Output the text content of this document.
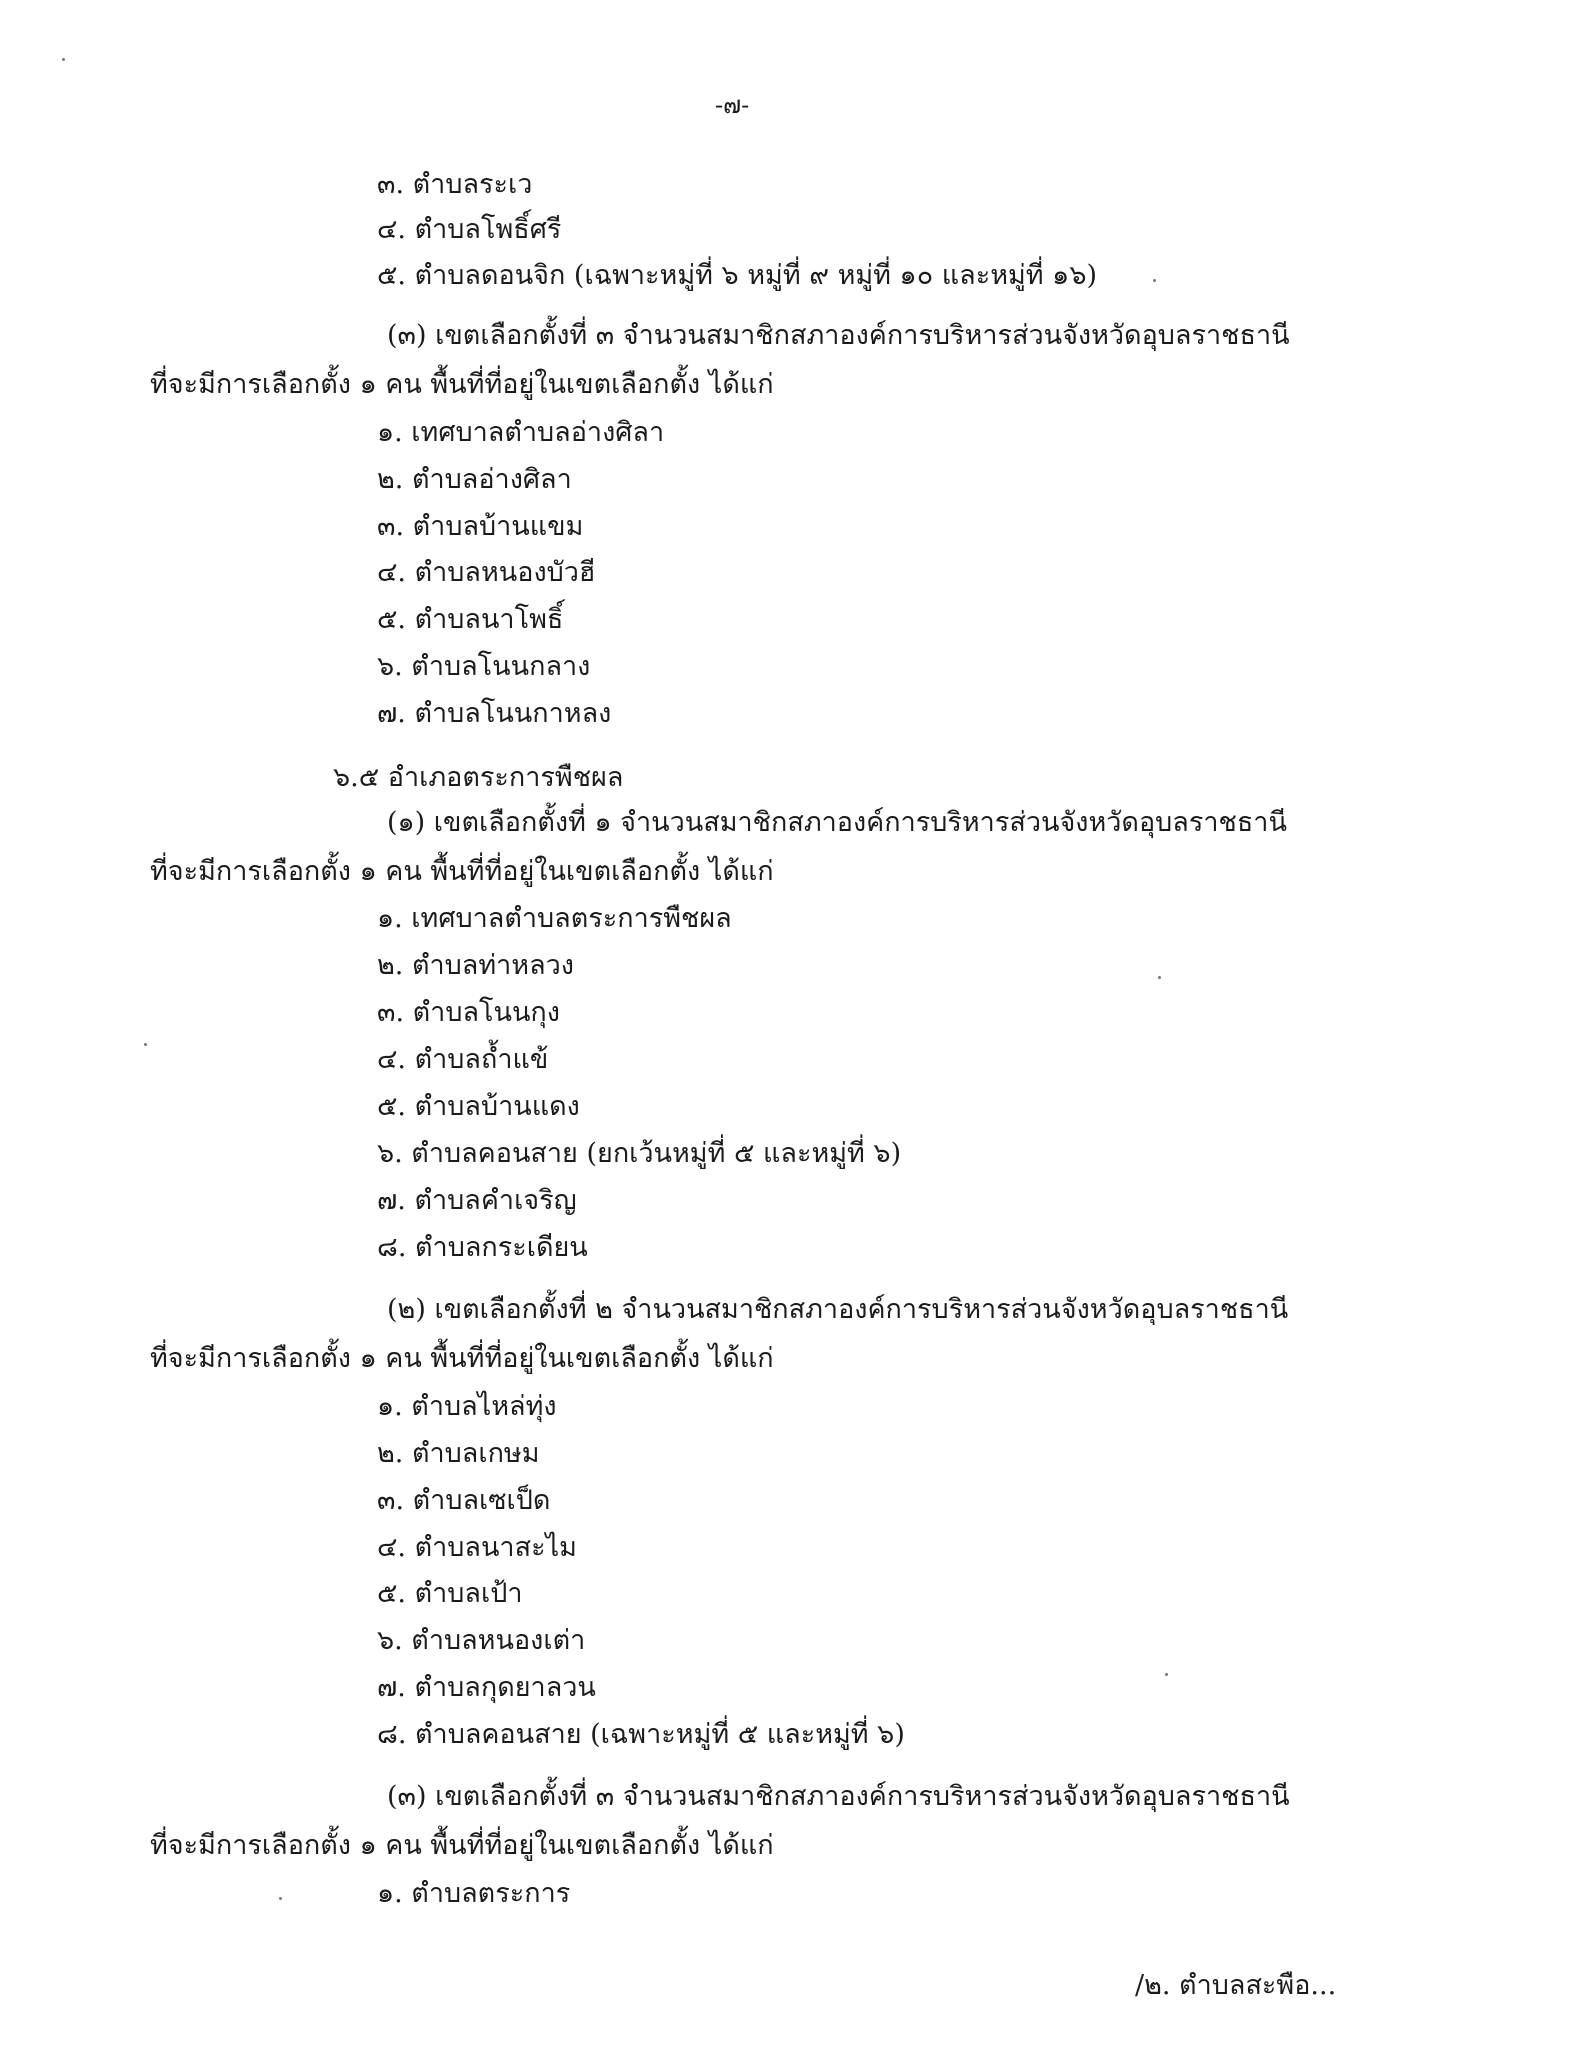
-๗-
๓. ตำบลระเว
๔. ตำบลโพธิ์ศรี
๕. ตำบลดอนจิก (เฉพาะหมู่ที่ ๖ หมู่ที่ ๙ หมู่ที่ ๑๐ และหมู่ที่ ๑๖)
(๓) เขตเลือกตั้งที่ ๓ จำนวนสมาชิกสภาองค์การบริหารส่วนจังหวัดอุบลราชธานี
ที่จะมีการเลือกตั้ง ๑ คน พื้นที่ที่อยู่ในเขตเลือกตั้ง ได้แก่
๑. เทศบาลตำบลอ่างศิลา
๒. ตำบลอ่างศิลา
๓. ตำบลบ้านแขม
๔. ตำบลหนองบัวฮี
๕. ตำบลนาโพธิ์
๖. ตำบลโนนกลาง
๗. ตำบลโนนกาหลง
๖.๕ อำเภอตระการพืชผล
(๑) เขตเลือกตั้งที่ ๑ จำนวนสมาชิกสภาองค์การบริหารส่วนจังหวัดอุบลราชธานี
ที่จะมีการเลือกตั้ง ๑ คน พื้นที่ที่อยู่ในเขตเลือกตั้ง ได้แก่
๑. เทศบาลตำบลตระการพืชผล
๒. ตำบลท่าหลวง
๓. ตำบลโนนกุง
๔. ตำบลถ้ำแข้
๕. ตำบลบ้านแดง
๖. ตำบลคอนสาย (ยกเว้นหมู่ที่ ๕ และหมู่ที่ ๖)
๗. ตำบลคำเจริญ
๘. ตำบลกระเดียน
(๒) เขตเลือกตั้งที่ ๒ จำนวนสมาชิกสภาองค์การบริหารส่วนจังหวัดอุบลราชธานี
ที่จะมีการเลือกตั้ง ๑ คน พื้นที่ที่อยู่ในเขตเลือกตั้ง ได้แก่
๑. ตำบลไหล่ทุ่ง
๒. ตำบลเกษม
๓. ตำบลเซเป็ด
๔. ตำบลนาสะไม
๕. ตำบลเป้า
๖. ตำบลหนองเต่า
๗. ตำบลกุดยาลวน
๘. ตำบลคอนสาย (เฉพาะหมู่ที่ ๕ และหมู่ที่ ๖)
(๓) เขตเลือกตั้งที่ ๓ จำนวนสมาชิกสภาองค์การบริหารส่วนจังหวัดอุบลราชธานี
ที่จะมีการเลือกตั้ง ๑ คน พื้นที่ที่อยู่ในเขตเลือกตั้ง ได้แก่
๑. ตำบลตระการ
/๒. ตำบลสะพือ...
